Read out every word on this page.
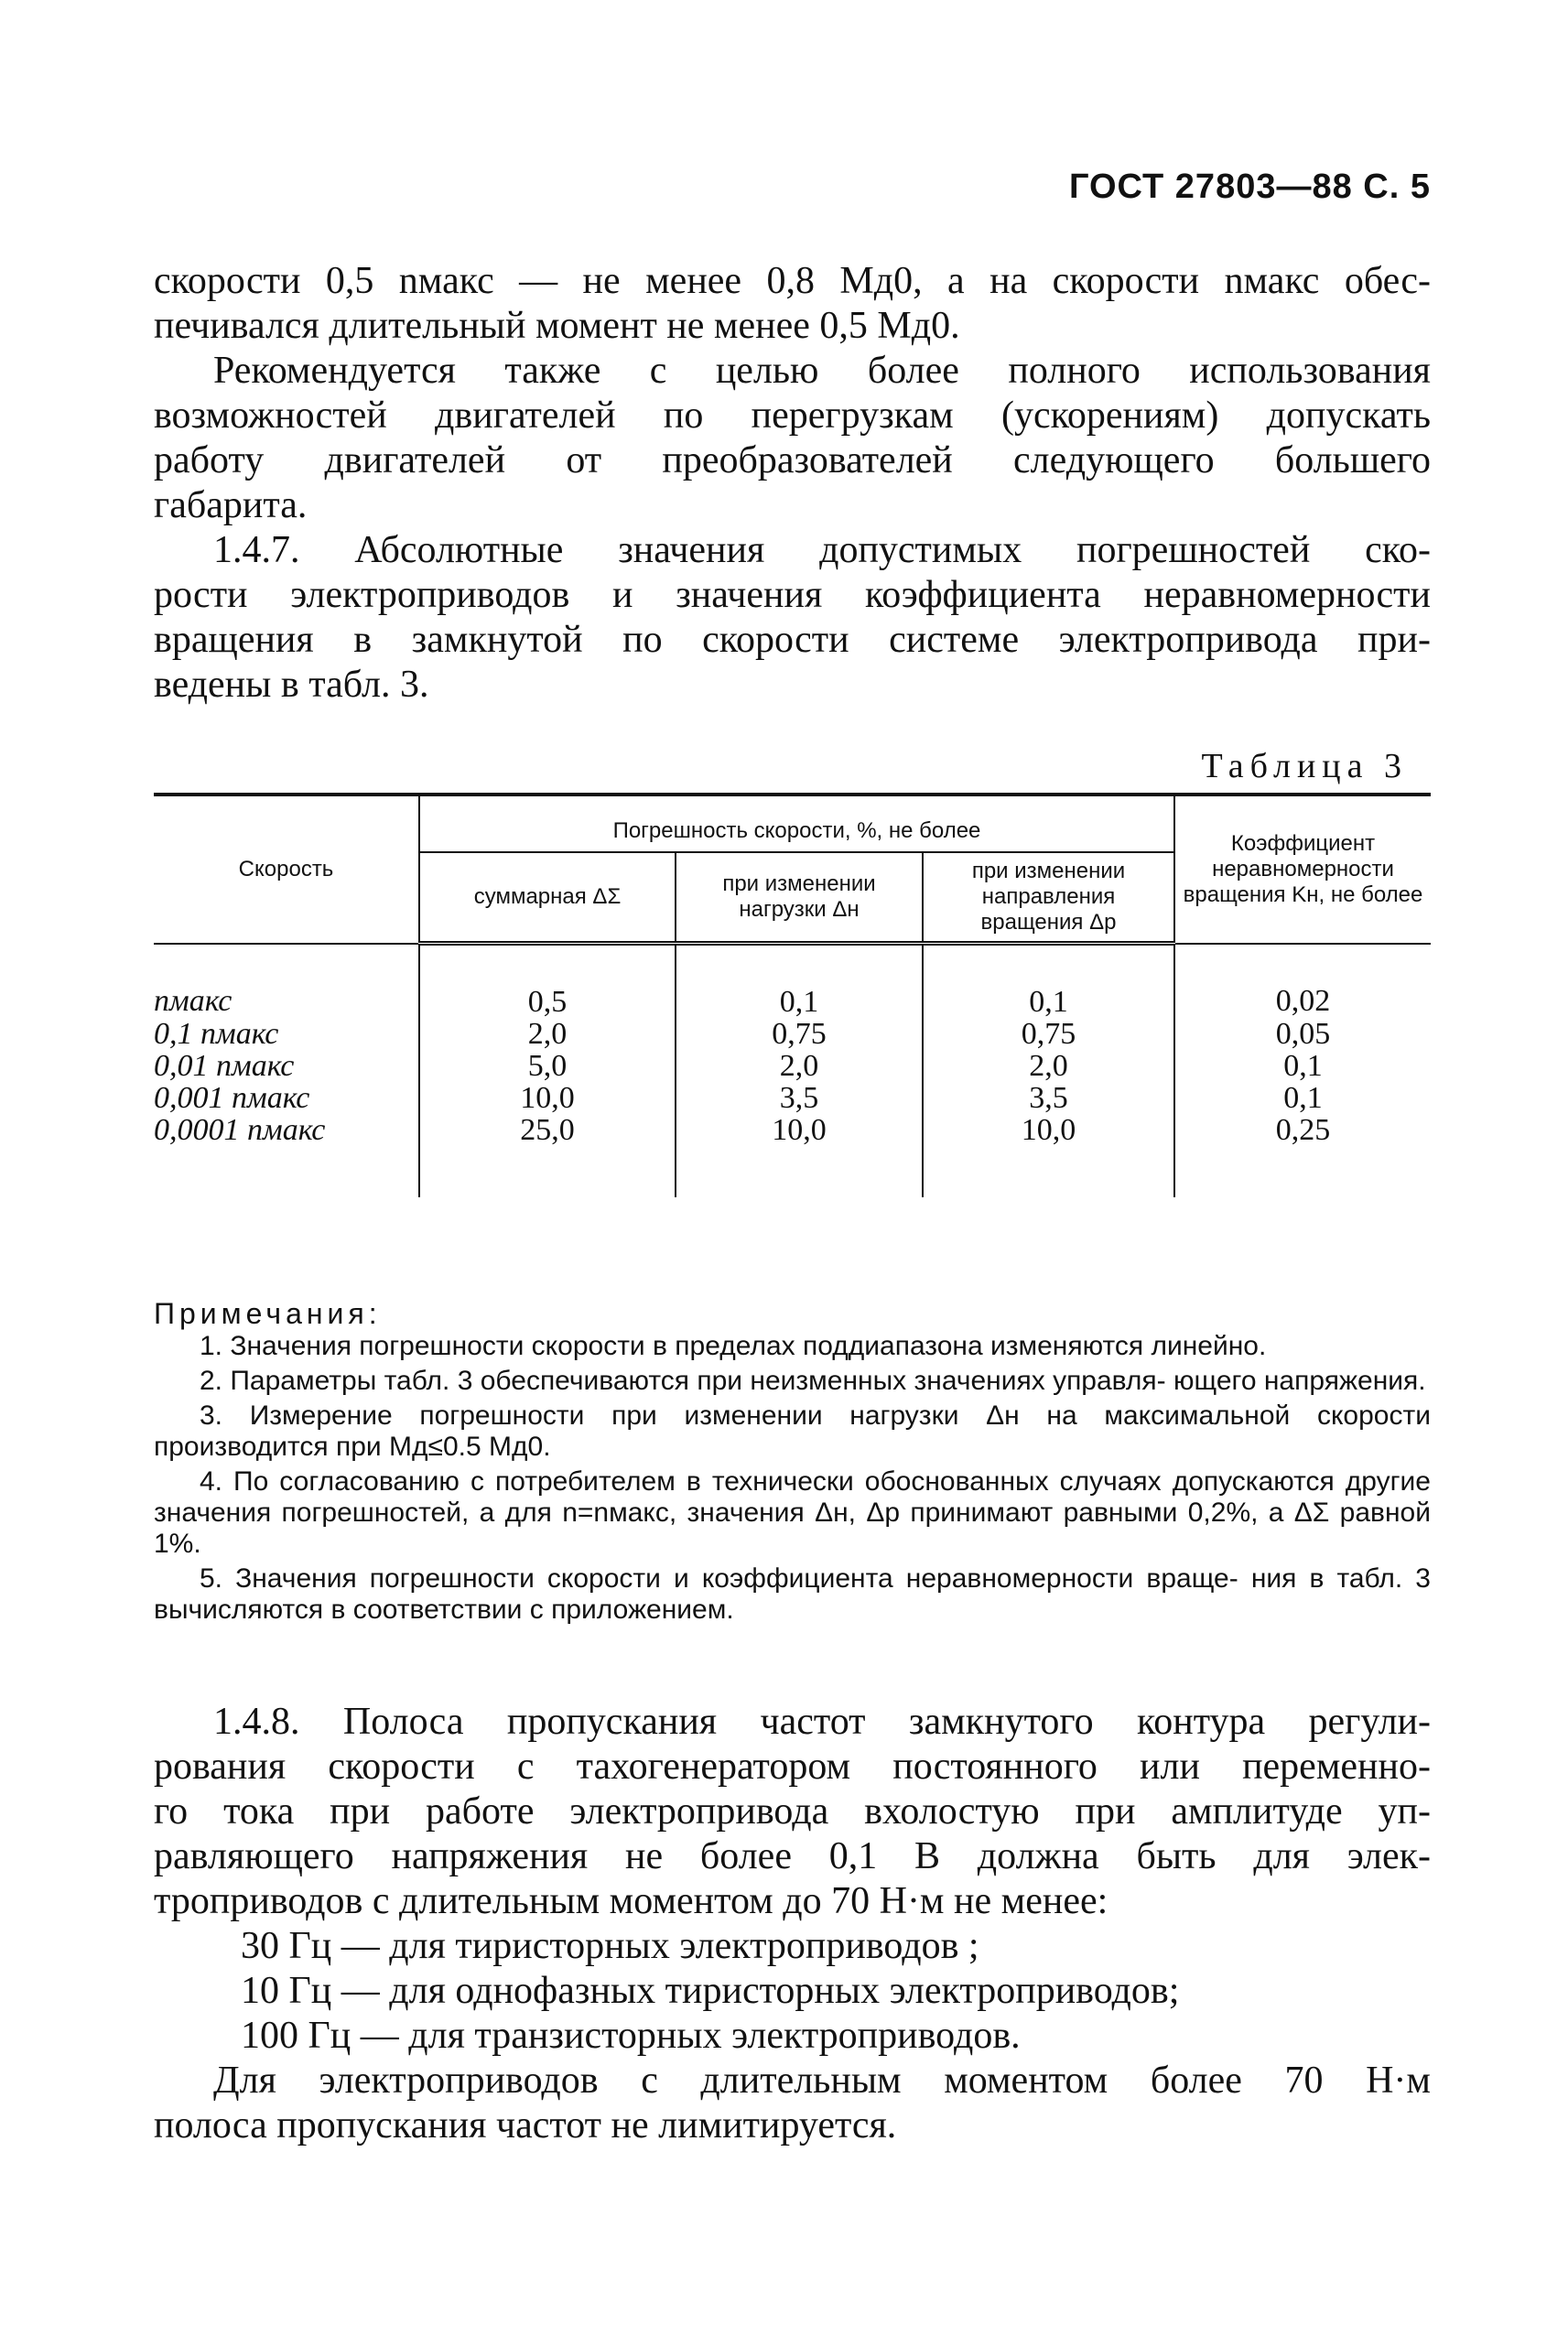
ГОСТ 27803—88 С. 5
скорости 0,5 nмакс — не менее 0,8 Mд0, а на скорости nмакс обес-
печивался длительный момент не менее 0,5 Mд0.
Рекомендуется также с целью более полного использования
возможностей двигателей по перегрузкам (ускорениям) допускать
работу двигателей от преобразователей следующего большего
габарита.
1.4.7. Абсолютные значения допустимых погрешностей ско-
рости электроприводов и значения коэффициента неравномерности
вращения в замкнутой по скорости системе электропривода при-
ведены в табл. 3.
Таблица 3
Скорость	Погрешность скорости, %, не более			Коэффициент неравномерности вращения Kн, не более
	суммарная ΔΣ	при изменении нагрузки Δн	при изменении направления вращения Δр	
nмакс	0,5	0,1	0,1	0,02
0,1 nмакс	2,0	0,75	0,75	0,05
0,01 nмакс	5,0	2,0	2,0	0,1
0,001 nмакс	10,0	3,5	3,5	0,1
0,0001 nмакс	25,0	10,0	10,0	0,25
Примечания:

1. Значения погрешности скорости в пределах поддиапазона изменяются линейно.

2. Параметры табл. 3 обеспечиваются при неизменных значениях управля- ющего напряжения.

3. Измерение погрешности при изменении нагрузки Δн на максимальной скорости производится при Mд≤0.5 Mд0.

4. По согласованию с потребителем в технически обоснованных случаях допускаются другие значения погрешностей, а для n=nмакс, значения Δн, Δр принимают равными 0,2%, а ΔΣ равной 1%.

5. Значения погрешности скорости и коэффициента неравномерности враще- ния в табл. 3 вычисляются в соответствии с приложением.

1.4.8. Полоса пропускания частот замкнутого контура регули-
рования скорости с тахогенератором постоянного или переменно-
го тока при работе электропривода вхолостую при амплитуде уп-
равляющего напряжения не более 0,1 В должна быть для элек-
троприводов с длительным моментом до 70 Н·м не менее:
30 Гц — для тиристорных электроприводов ;
10 Гц — для однофазных тиристорных электроприводов;
100 Гц — для транзисторных электроприводов.
Для электроприводов с длительным моментом более 70 Н·м
полоса пропускания частот не лимитируется.
